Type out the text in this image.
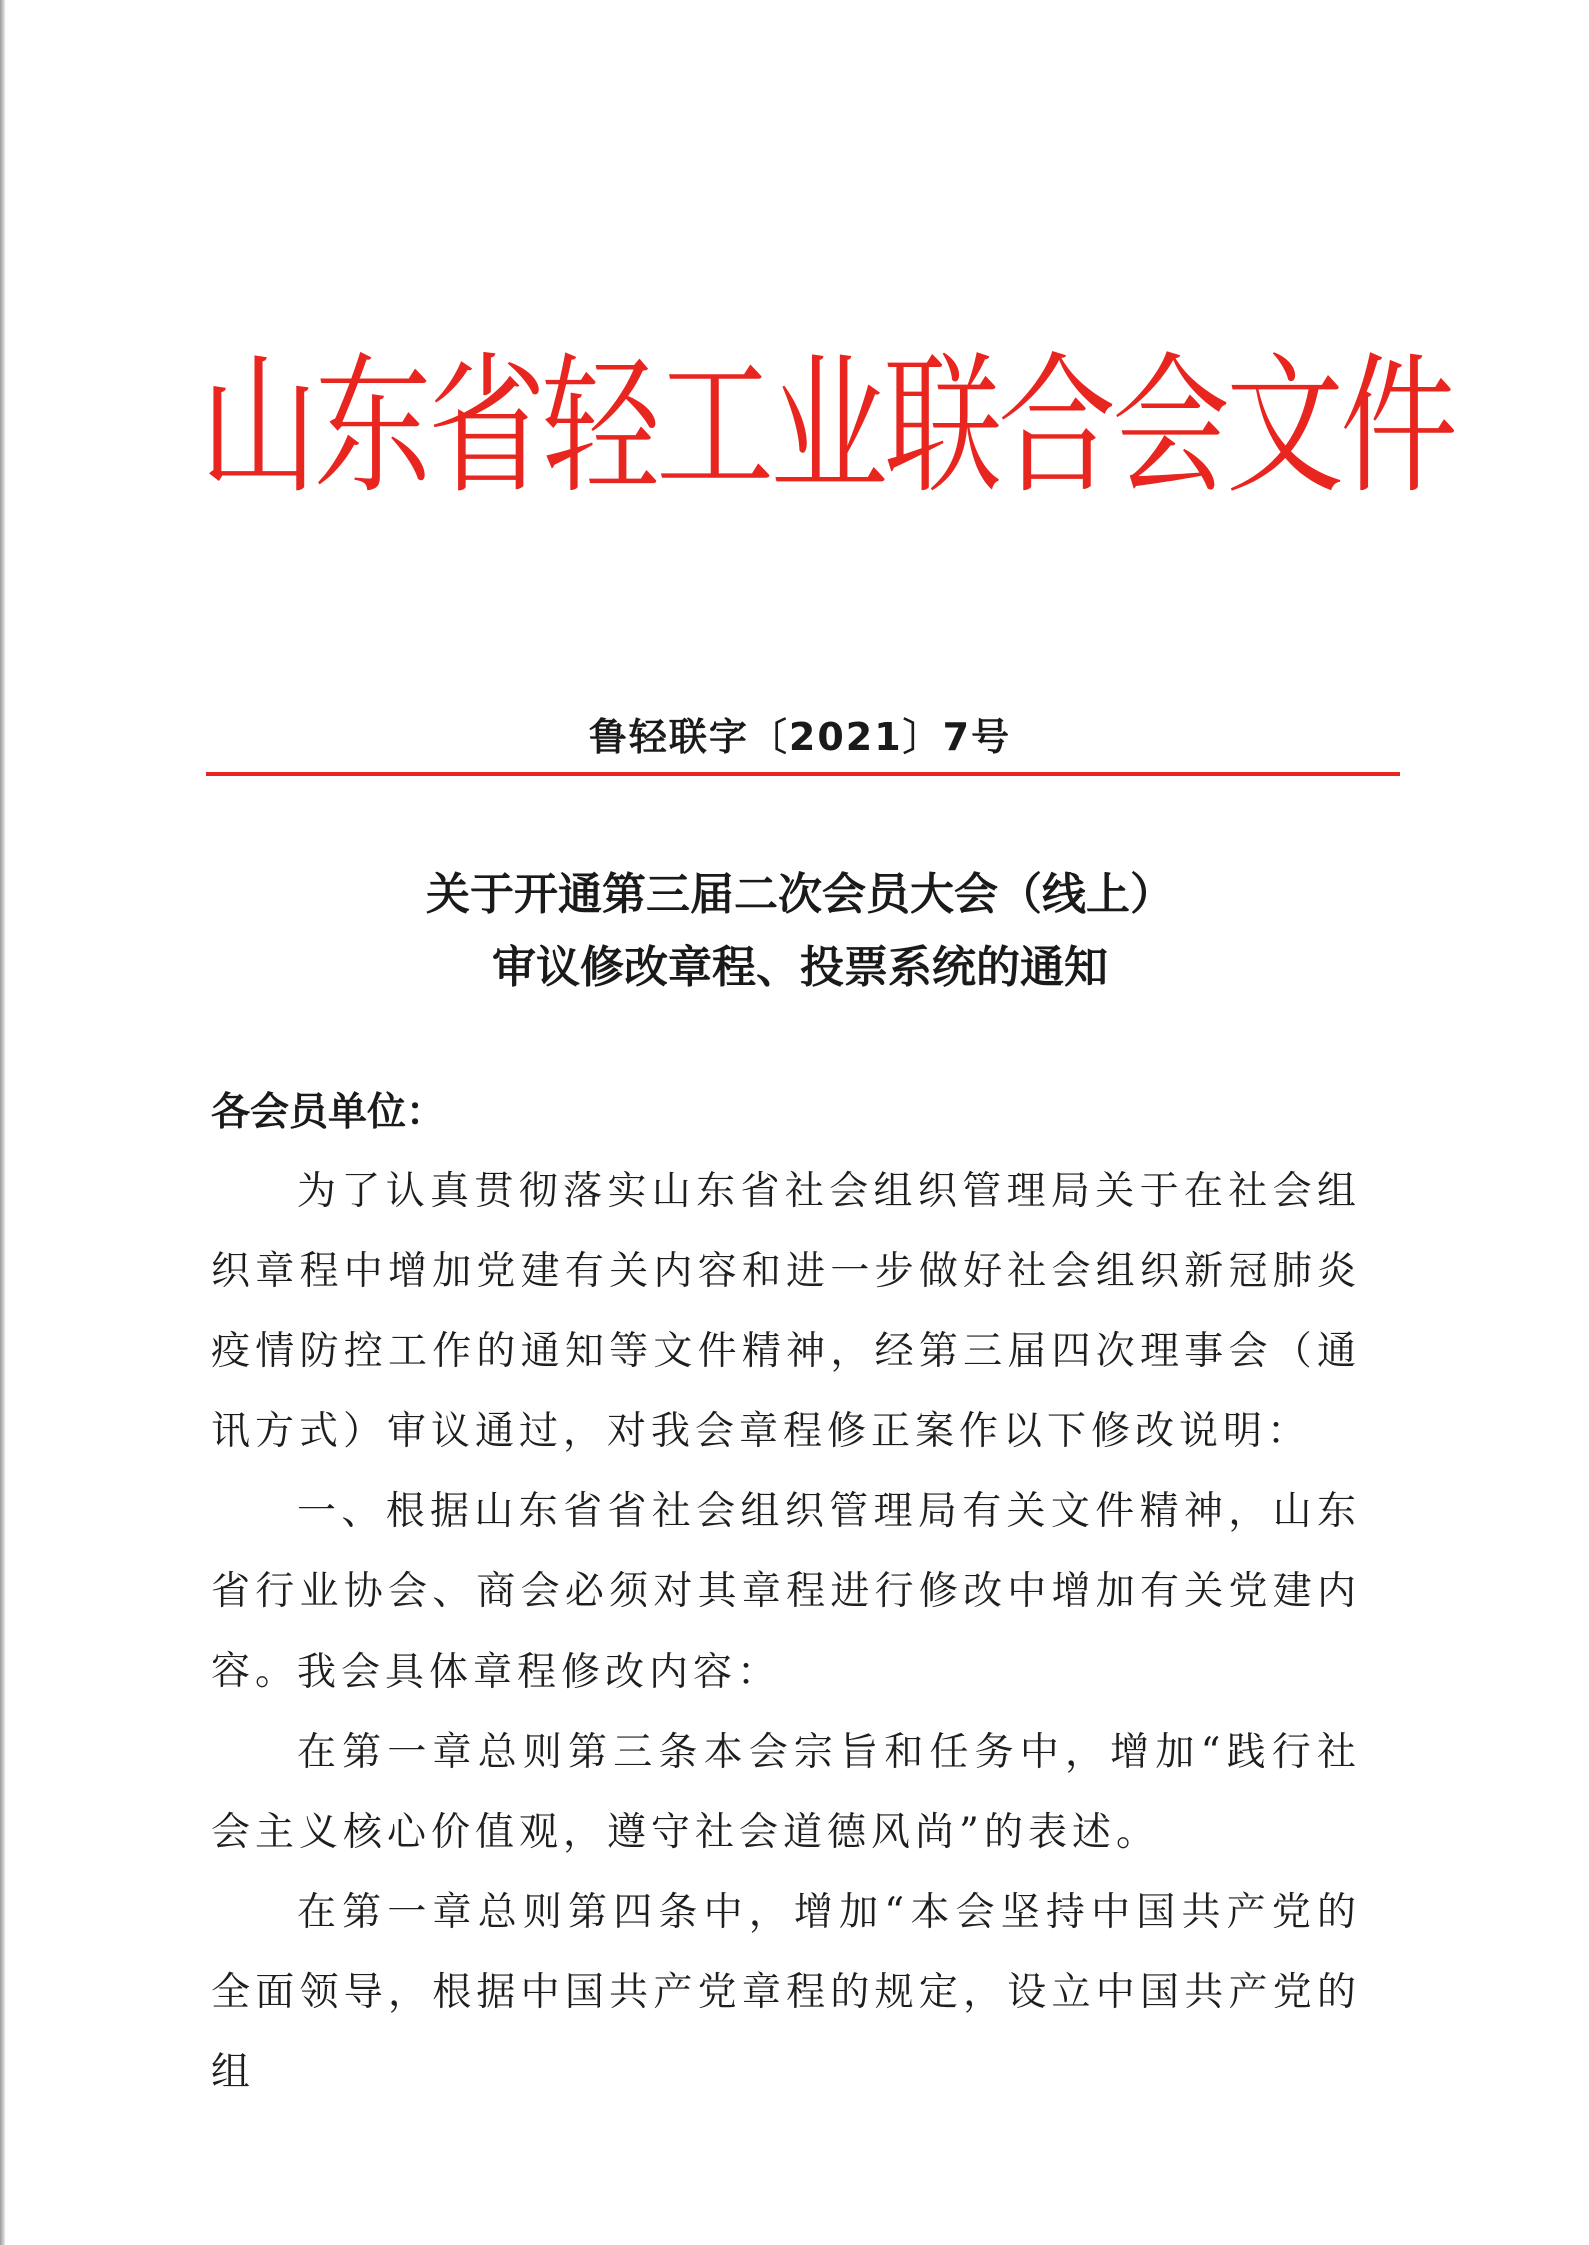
山东省轻工业联合会文件
鲁轻联字〔2021〕7号
关于开通第三届二次会员大会（线上）
审议修改章程、投票系统的通知
各会员单位：
为了认真贯彻落实山东省社会组织管理局关于在社会组织章程中增加党建有关内容和进一步做好社会组织新冠肺炎疫情防控工作的通知等文件精神，经第三届四次理事会（通讯方式）审议通过，对我会章程修正案作以下修改说明：
一、根据山东省省社会组织管理局有关文件精神，山东省行业协会、商会必须对其章程进行修改中增加有关党建内容。
我会具体章程修改内容：
在第一章总则第三条本会宗旨和任务中，增加“践行社会主义核心价值观，遵守社会道德风尚”的表述。
在第一章总则第四条中，增加“本会坚持中国共产党的全面领导，根据中国共产党章程的规定，设立中国共产党的组
